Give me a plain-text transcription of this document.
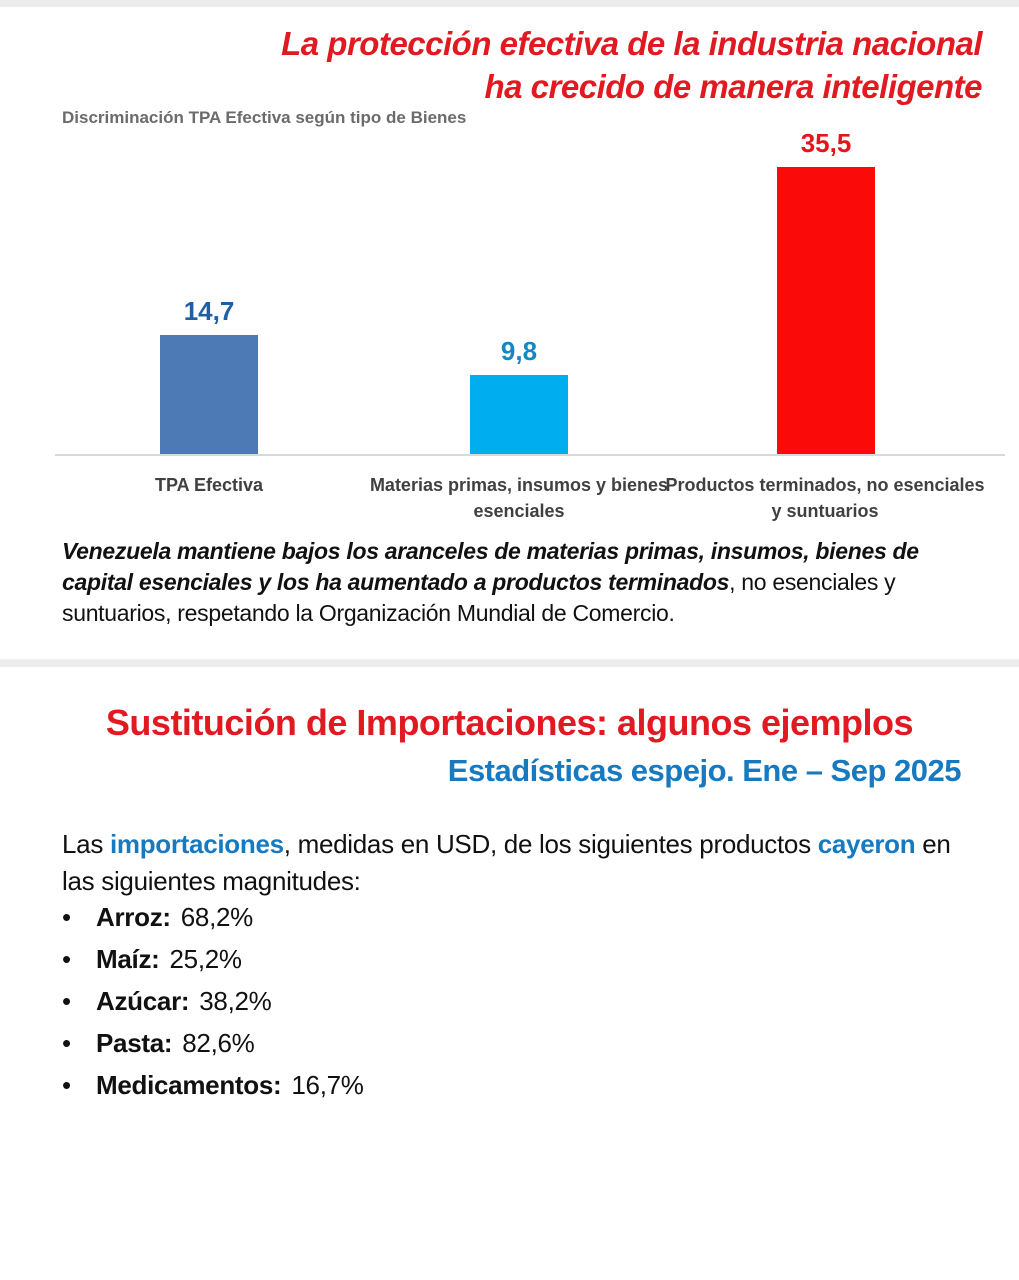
La protección efectiva de la industria nacional
ha crecido de manera inteligente
Discriminación TPA Efectiva según tipo de Bienes
14,7
9,8
35,5
TPA Efectiva	Materias primas, insumos y bienes esenciales
Productos terminados, no esenciales y suntuarios
Venezuela mantiene bajos los aranceles de materias primas, insumos, bienes de capital esenciales y los ha aumentado a productos terminados, no esenciales y suntuarios, respetando la Organización Mundial de Comercio.
Sustitución de Importaciones: algunos ejemplos
Estadísticas espejo. Ene – Sep 2025
Las importaciones, medidas en USD, de los siguientes productos cayeron en las siguientes magnitudes:
• Arroz: 68,2%
• Maíz: 25,2%
• Azúcar: 38,2%
• Pasta: 82,6%
• Medicamentos: 16,7%
